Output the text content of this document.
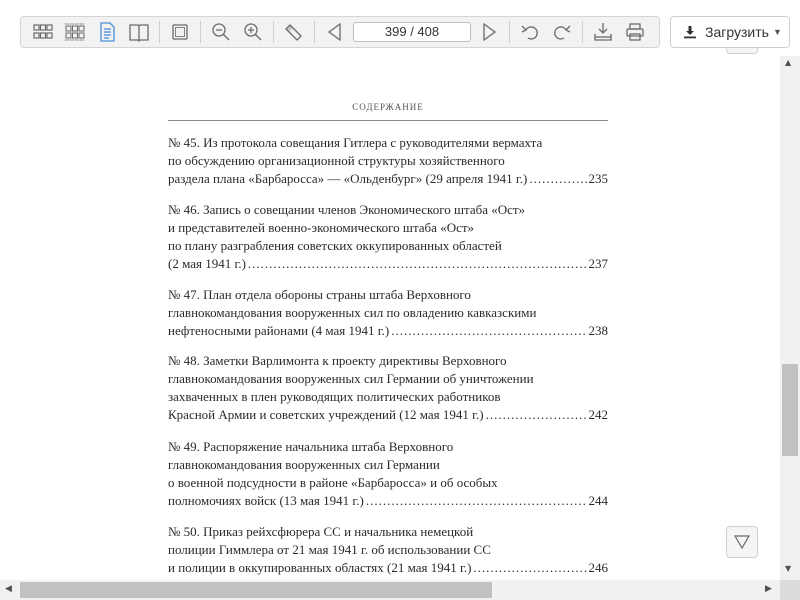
399 / 408	Загрузить ▼
СОДЕРЖАНИЕ
№ 45. Из протокола совещания Гитлера с руководителями вермахта
по обсуждению организационной структуры хозяйственного
раздела плана «Барбаросса» — «Ольденбург» (29 апреля 1941 г.) .....	235
№ 46. Запись о совещании членов Экономического штаба «Ост»
и представителей военно-экономического штаба «Ост»
по плану разграбления советских оккупированных областей
(2 мая 1941 г.) .....	237
№ 47. План отдела обороны страны штаба Верховного
главнокомандования вооруженных сил по овладению кавказскими
нефтеносными районами (4 мая 1941 г.) .....	238
№ 48. Заметки Варлимонта к проекту директивы Верховного
главнокомандования вооруженных сил Германии об уничтожении
захваченных в плен руководящих политических работников
Красной Армии и советских учреждений (12 мая 1941 г.) .....	242
№ 49. Распоряжение начальника штаба Верховного
главнокомандования вооруженных сил Германии
о военной подсудности в районе «Барбаросса» и об особых
полномочиях войск (13 мая 1941 г.) .....	244
№ 50. Приказ рейхсфюрера СС и начальника немецкой
полиции Гиммлера от 21 мая 1941 г. об использовании СС
и полиции в оккупированных областях (21 мая 1941 г.) .....	246
▲
▼
◀	▶
